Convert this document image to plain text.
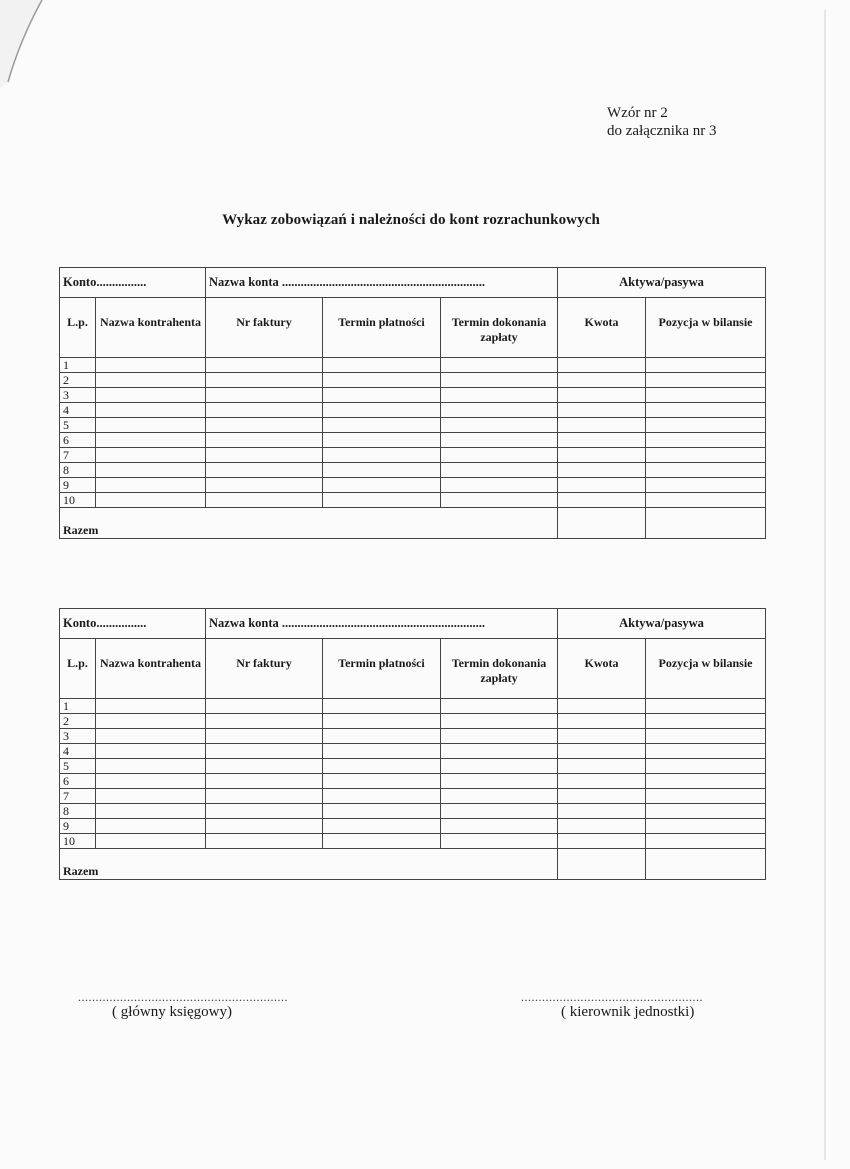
Wzór nr 2
do załącznika nr 3
Wykaz zobowiązań i należności do kont rozrachunkowych
Konto................		Nazwa konta .................................................................			Aktywa/pasywa	
L.p.	Nazwa kontrahenta	Nr faktury	Termin płatności	Termin dokonania zapłaty	Kwota	Pozycja w bilansie
1						
2						
3						
4						
5						
6						
7						
8						
9						
10						
Razem						
Konto................		Nazwa konta .................................................................			Aktywa/pasywa	
L.p.	Nazwa kontrahenta	Nr faktury	Termin płatności	Termin dokonania zapłaty	Kwota	Pozycja w bilansie
1						
2						
3						
4						
5						
6						
7						
8						
9						
10						
Razem						
............................................................
( główny księgowy)
....................................................
( kierownik jednostki)
